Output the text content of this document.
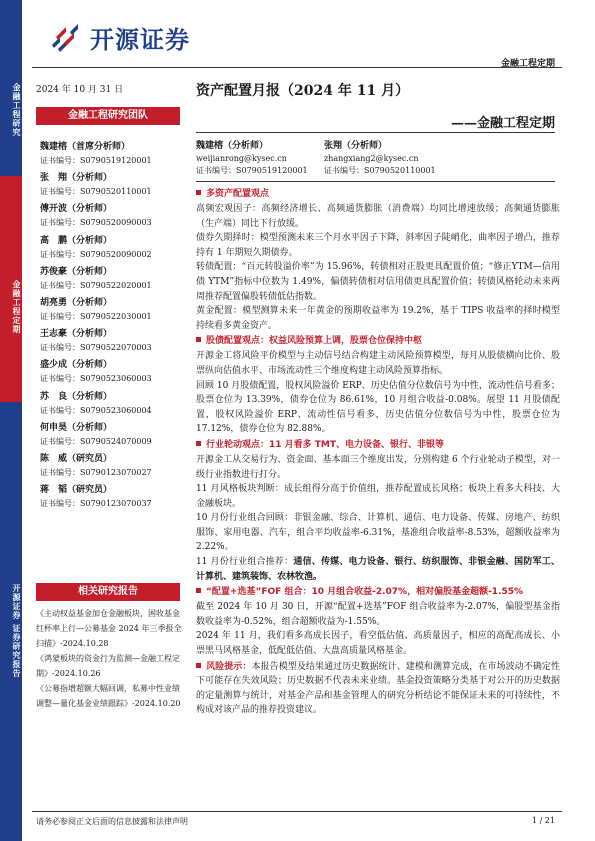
金融工程研究
金融工程定期
开源证券 证券研究报告
开源证券
金融工程定期
2024 年 10 月 31 日
金融工程研究团队
魏建榕（首席分析师）
证书编号：S0790519120001
张　翔（分析师）
证书编号：S0790520110001
傅开波（分析师）
证书编号：S0790520090003
高　鹏（分析师）
证书编号：S0790520090002
苏俊豪（分析师）
证书编号：S0790522020001
胡亮勇（分析师）
证书编号：S0790522030001
王志豪（分析师）
证书编号：S0790522070003
盛少成（分析师）
证书编号：S0790523060003
苏　良（分析师）
证书编号：S0790523060004
何申昊（分析师）
证书编号：S0790524070009
陈　威（研究员）
证书编号：S0790123070027
蒋　韬（研究员）
证书编号：S0790123070037
相关研究报告
《主动权益基金加仓金融板块，困收基金红杯率上行—公募基金 2024 年三季报全扫描》-2024.10.28
《鸿蒙板块的资金行为监测—金融工程定期》-2024.10.26
《公募指增超额大幅回调，私募中性业绩调整—量化基金业绩跟踪》-2024.10.20
资产配置月报（2024 年 11 月）
——金融工程定期
魏建榕（分析师）
weijianrong@kysec.cn
证书编号：S0790519120001
张翔（分析师）
zhangxiang2@kysec.cn
证书编号：S0790520110001
多资产配置观点

高频宏观因子：高频经济增长、高频通货膨胀（消费端）均同比增速放缓；高频通货膨胀（生产端）同比下行放缓。

债券久期择时：模型预测未来三个月水平因子下降，斜率因子陡峭化，曲率因子增凸，推荐持有 1 年期短久期债券。

转债配置：“百元转股溢价率”为 15.96%，转债相对正股更具配置价值；“修正YTM—信用债 YTM”指标中位数为 1.49%，偏债转债相对信用债更具配置价值；转债风格轮动未来两周推荐配置偏股转债低估指数。

黄金配置：模型测算未来一年黄金的预期收益率为 19.2%，基于 TIPS 收益率的择时模型持续看多黄金资产。

股债配置观点：权益风险预算上调，股票仓位保持中枢

开源金工将风险平价模型与主动信号结合构建主动风险预算模型，每月从股债横向比价、股票纵向估值水平、市场流动性三个维度构建主动风险预算指标。

回顾 10 月股债配置，股权风险溢价 ERP、历史估值分位数信号为中性，流动性信号看多；股票仓位为 13.39%，债券仓位为 86.61%，10 月组合收益-0.08%。展望 11 月股债配置，股权风险溢价 ERP、流动性信号看多，历史估值分位数信号为中性，股票仓位为 17.12%，债券仓位为 82.88%。

行业轮动观点：11 月看多 TMT、电力设备、银行、非银等

开源金工从交易行为、资金面、基本面三个维度出发，分别构建 6 个行业轮动子模型，对一级行业指数进行打分。

11 月风格板块判断：成长组得分高于价值组，推荐配置成长风格；板块上看多大科技、大金融板块。

10 月份行业组合回顾：非银金融、综合、计算机、通信、电力设备、传媒、房地产、纺织服饰、家用电器、汽车，组合平均收益率-6.31%，基准组合收益率-8.53%，超额收益率为 2.22%。

11 月份行业组合推荐：通信、传媒、电力设备、银行、纺织服饰、非银金融、国防军工、计算机、建筑装饰、农林牧渔。

“配置+选基”FOF 组合：10 月组合收益-2.07%，相对偏股基金超额-1.55%

截至 2024 年 10 月 30 日，开源“配置+选基”FOF 组合收益率为-2.07%，偏股型基金指数收益率为-0.52%，组合超额收益为-1.55%。

2024 年 11 月，我们看多高成长因子，看空低估值、高质量因子，相应的高配高成长、小票黑马风格基金，低配低估值、大盘高质量风格基金。

风险提示：本报告模型及结果通过历史数据统计、建模和测算完成，在市场波动不确定性下可能存在失效风险；历史数据不代表未来业绩。基金投资策略分类基于对公开的历史数据的定量测算与统计，对基金产品和基金管理人的研究分析结论不能保证未来的可持续性，不构成对该产品的推荐投资建议。

请务必参阅正文后面的信息披露和法律声明	1 / 21
